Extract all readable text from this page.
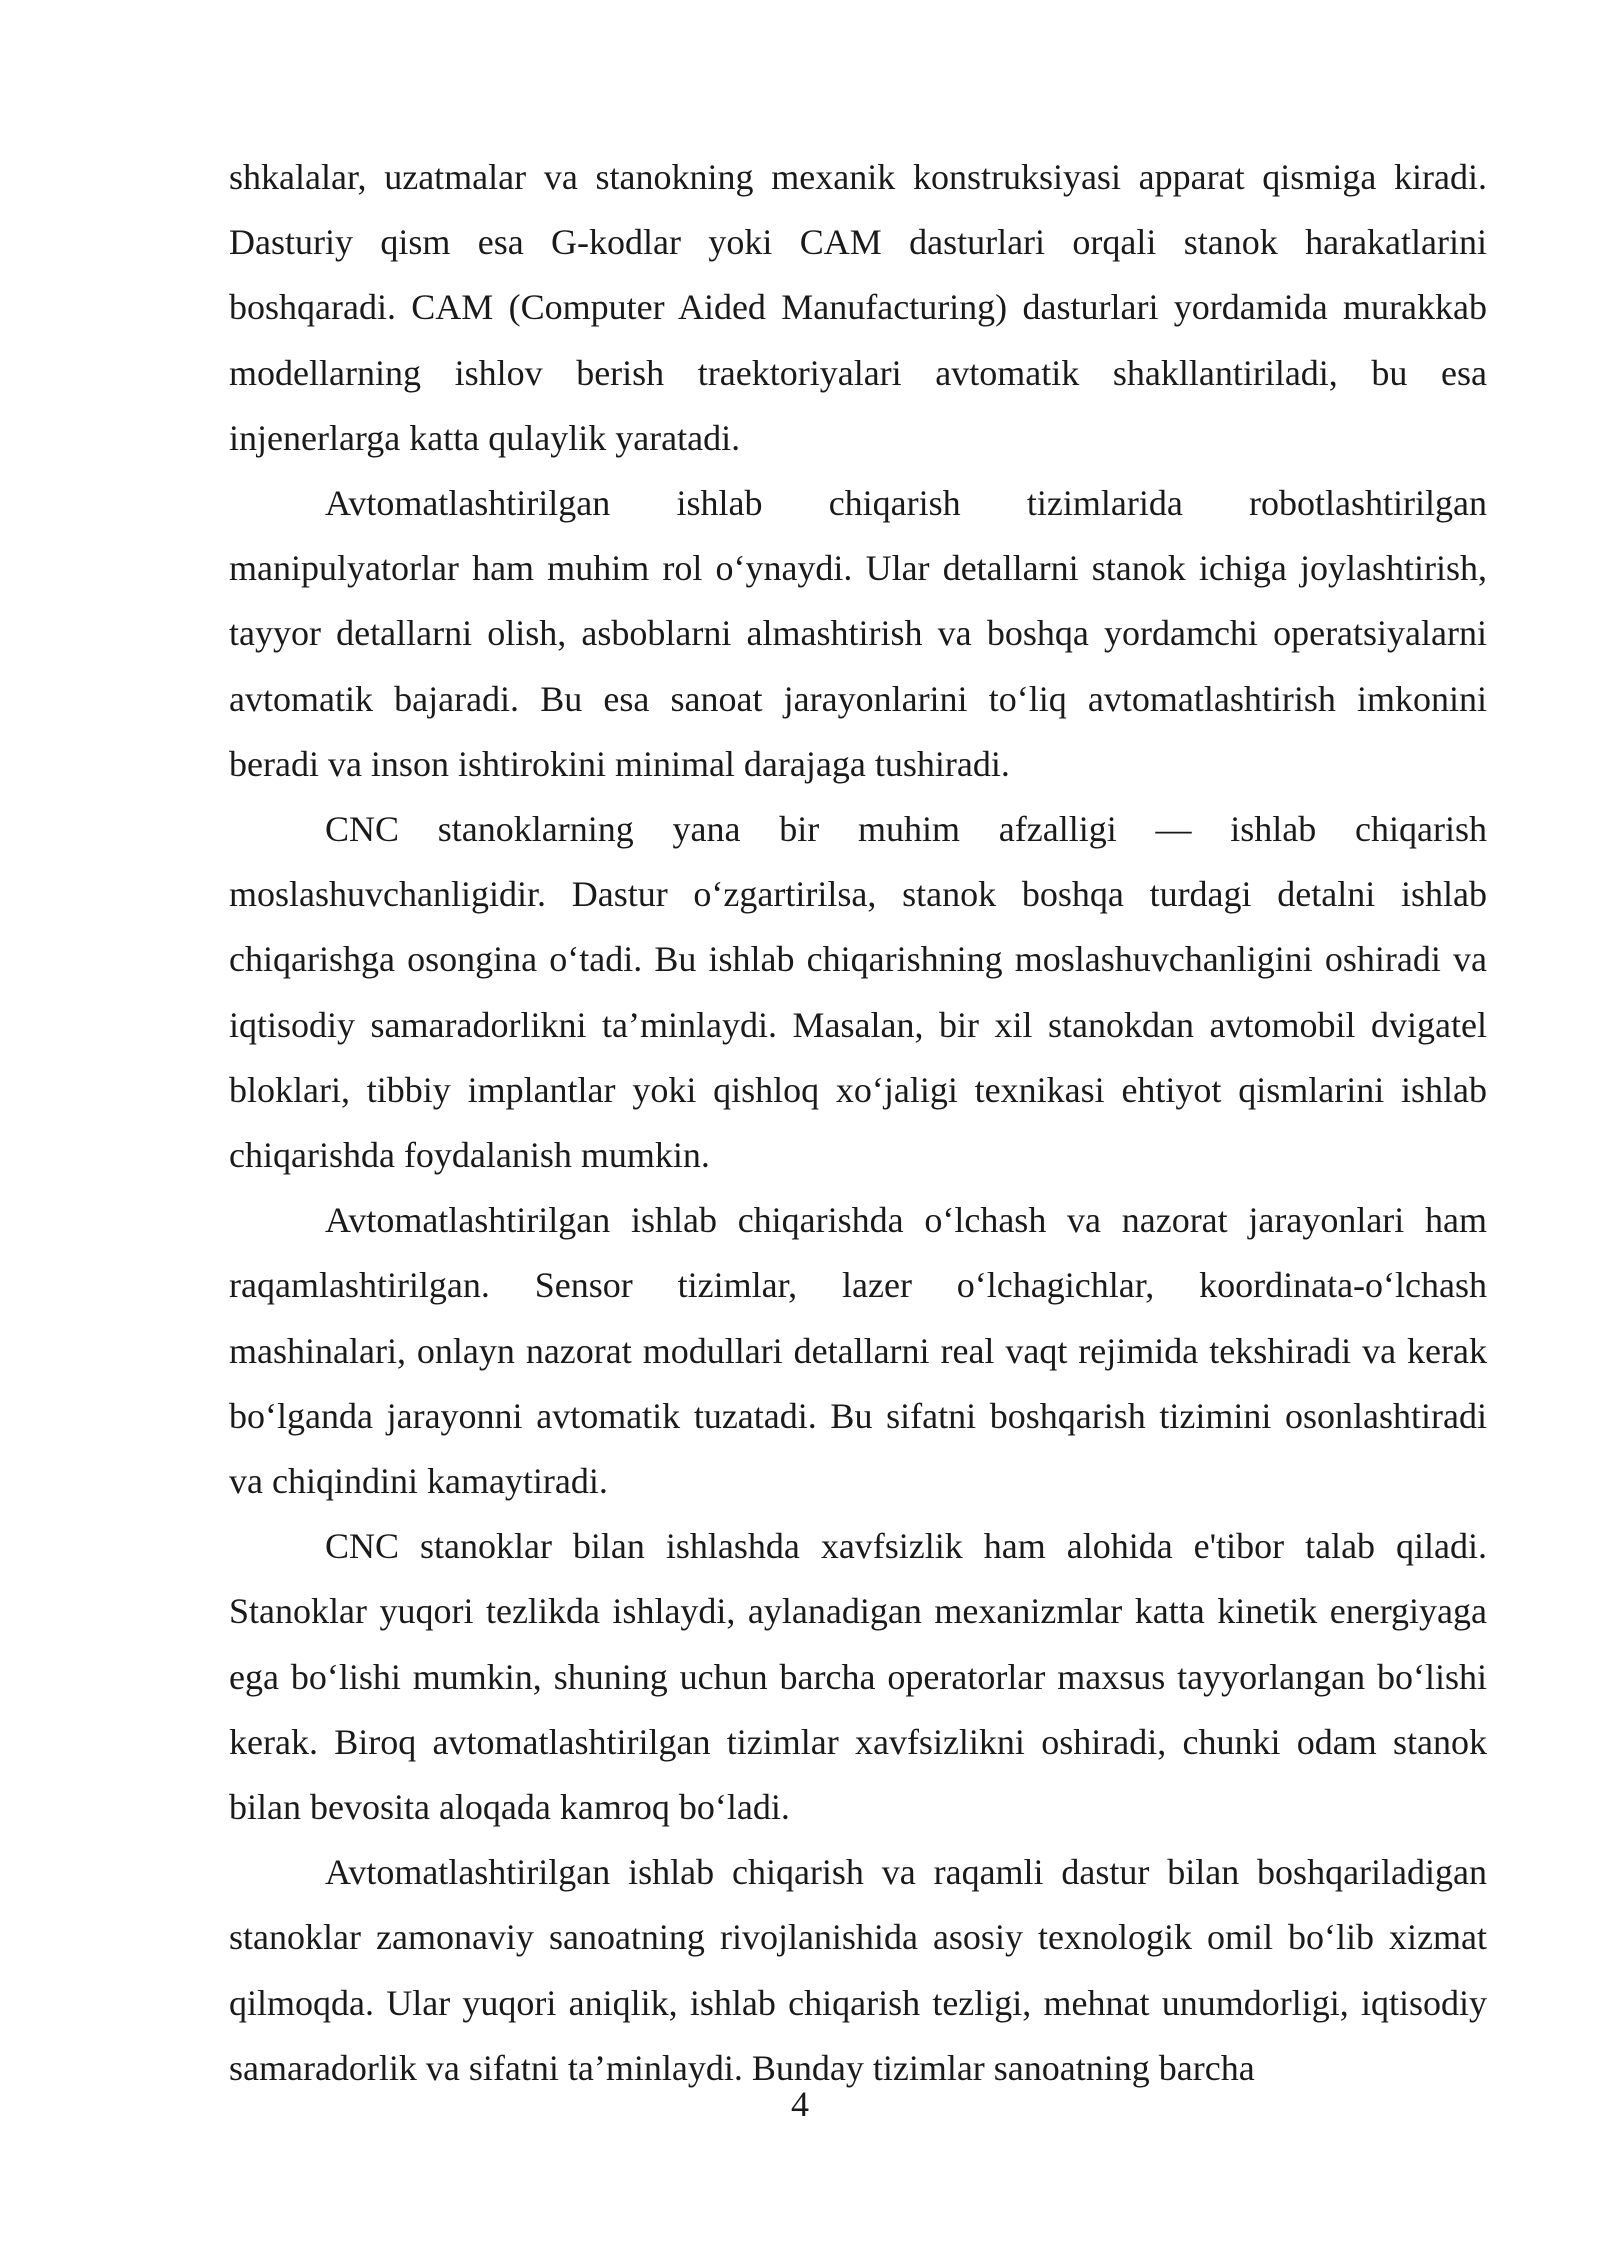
shkalalar, uzatmalar va stanokning mexanik konstruksiyasi apparat qismiga kiradi. Dasturiy qism esa G-kodlar yoki CAM dasturlari orqali stanok harakatlarini boshqaradi. CAM (Computer Aided Manufacturing) dasturlari yordamida murakkab modellarning ishlov berish traektoriyalari avtomatik shakllantiriladi, bu esa injenerlarga katta qulaylik yaratadi.

Avtomatlashtirilgan ishlab chiqarish tizimlarida robotlashtirilgan manipulyatorlar ham muhim rol o‘ynaydi. Ular detallarni stanok ichiga joylashtirish, tayyor detallarni olish, asboblarni almashtirish va boshqa yordamchi operatsiyalarni avtomatik bajaradi. Bu esa sanoat jarayonlarini to‘liq avtomatlashtirish imkonini beradi va inson ishtirokini minimal darajaga tushiradi.

CNC stanoklarning yana bir muhim afzalligi — ishlab chiqarish moslashuvchanligidir. Dastur o‘zgartirilsa, stanok boshqa turdagi detalni ishlab chiqarishga osongina o‘tadi. Bu ishlab chiqarishning moslashuvchanligini oshiradi va iqtisodiy samaradorlikni ta’minlaydi. Masalan, bir xil stanokdan avtomobil dvigatel bloklari, tibbiy implantlar yoki qishloq xo‘jaligi texnikasi ehtiyot qismlarini ishlab chiqarishda foydalanish mumkin.

Avtomatlashtirilgan ishlab chiqarishda o‘lchash va nazorat jarayonlari ham raqamlashtirilgan. Sensor tizimlar, lazer o‘lchagichlar, koordinata-o‘lchash mashinalari, onlayn nazorat modullari detallarni real vaqt rejimida tekshiradi va kerak bo‘lganda jarayonni avtomatik tuzatadi. Bu sifatni boshqarish tizimini osonlashtiradi va chiqindini kamaytiradi.

CNC stanoklar bilan ishlashda xavfsizlik ham alohida e'tibor talab qiladi. Stanoklar yuqori tezlikda ishlaydi, aylanadigan mexanizmlar katta kinetik energiyaga ega bo‘lishi mumkin, shuning uchun barcha operatorlar maxsus tayyorlangan bo‘lishi kerak. Biroq avtomatlashtirilgan tizimlar xavfsizlikni oshiradi, chunki odam stanok bilan bevosita aloqada kamroq bo‘ladi.

Avtomatlashtirilgan ishlab chiqarish va raqamli dastur bilan boshqariladigan stanoklar zamonaviy sanoatning rivojlanishida asosiy texnologik omil bo‘lib xizmat qilmoqda. Ular yuqori aniqlik, ishlab chiqarish tezligi, mehnat unumdorligi, iqtisodiy samaradorlik va sifatni ta’minlaydi. Bunday tizimlar sanoatning barcha

4
